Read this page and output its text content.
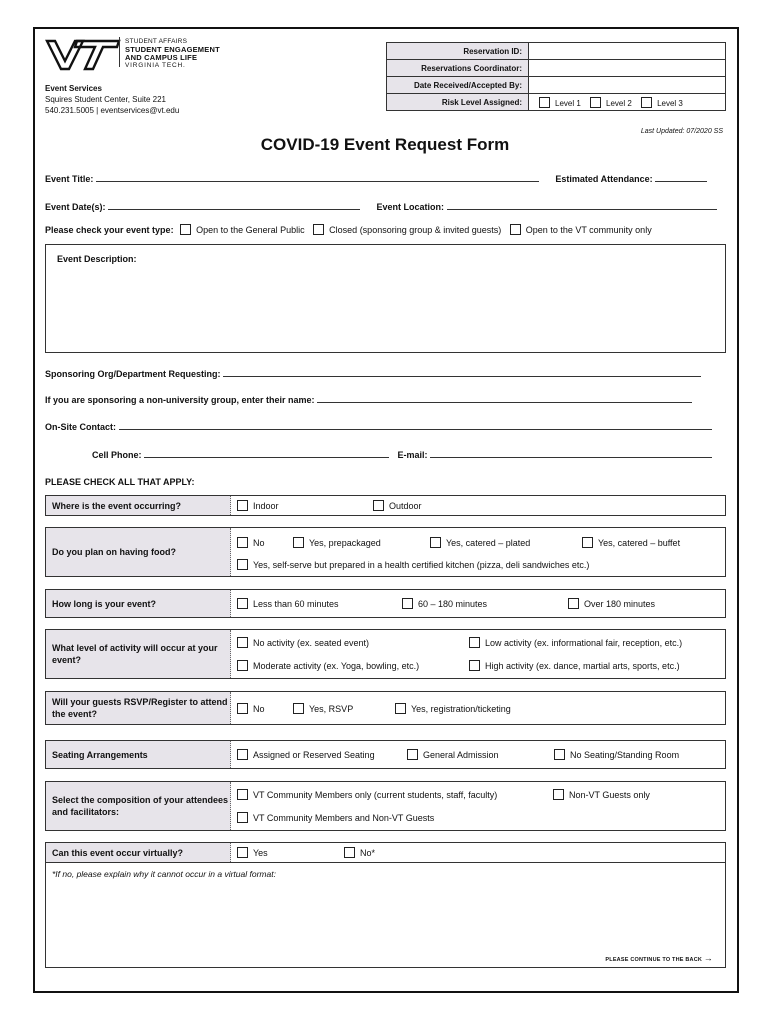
STUDENT AFFAIRS
STUDENT ENGAGEMENT
AND CAMPUS LIFE
VIRGINIA TECH.
Event Services
Squires Student Center, Suite 221
540.231.5005 | eventservices@vt.edu
Reservation ID:	
Reservations Coordinator:	
Date Received/Accepted By:	
Risk Level Assigned:	Level 1 Level 2 Level 3
Last Updated: 07/2020 SS
COVID-19 Event Request Form
Event Title:	Estimated Attendance:
Event Date(s):	Event Location:
Please check your event type:	Open to the General Public	Closed (sponsoring group & invited guests)	Open to the VT community only
Event Description:
Sponsoring Org/Department Requesting:
If you are sponsoring a non-university group, enter their name:
On-Site Contact:
Cell Phone:	E-mail:
PLEASE CHECK ALL THAT APPLY:
Where is the event occurring?	Indoor	Outdoor
Do you plan on having food?
No	Yes, prepackaged	Yes, catered – plated	Yes, catered – buffet
Yes, self-serve but prepared in a health certified kitchen (pizza, deli sandwiches etc.)
How long is your event?	Less than 60 minutes	60 – 180 minutes	Over 180 minutes
What level of activity will occur at your event?
No activity (ex. seated event)	Low activity (ex. informational fair, reception, etc.)
Moderate activity (ex. Yoga, bowling, etc.)	High activity (ex. dance, martial arts, sports, etc.)
Will your guests RSVP/Register to attend the event?	No	Yes, RSVP	Yes, registration/ticketing
Seating Arrangements	Assigned or Reserved Seating	General Admission	No Seating/Standing Room
Select the composition of your attendees and facilitators:
VT Community Members only (current students, staff, faculty)	Non-VT Guests only
VT Community Members and Non-VT Guests
Can this event occur virtually?	Yes	No*
*If no, please explain why it cannot occur in a virtual format:
PLEASE CONTINUE TO THE BACK →
